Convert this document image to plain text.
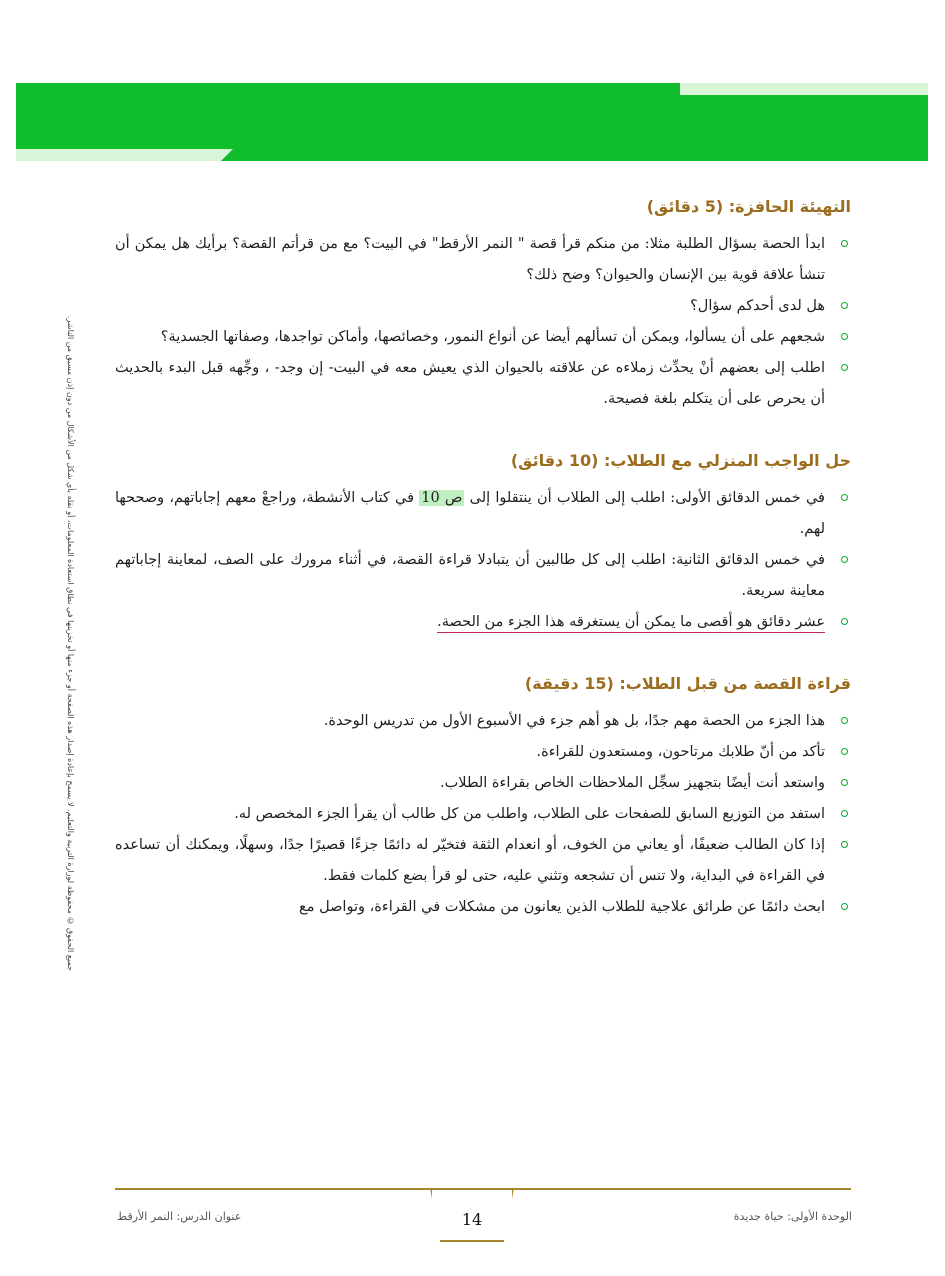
جميع الحقوق © محفوظة لوزارة التربية والتعليم. لا يسمح بإعادة إصدار هذه الصفحة أو جزء منها أو تخزينها في نطاق استعادة المعلومات، أو نقله بأي شكل من الأشكال من دون إذن مسبق من الناشر.
التهيئة الحافزة: (5 دقائق)
ابدأ الحصة بسؤال الطلبة مثلا: من منكم قرأ قصة " النمر الأرقط" في البيت؟ مع من قرأتم القصة؟ برأيك هل يمكن أن تنشأ علاقة قوية بين الإنسان والحيوان؟ وضح ذلك؟
هل لدى أحدكم سؤال؟
شجعهم على أن يسألوا، ويمكن أن تسألهم أيضا عن أنواع النمور، وخصائصها، وأماكن تواجدها، وصفاتها الجسدية؟
اطلب إلى بعضهم أنْ يحدِّث زملاءه عن علاقته بالحيوان الذي يعيش معه في البيت- إن وجد- ، وجِّهه قبل البدء بالحديث أن يحرص على أن يتكلم بلغة فصيحة.
حل الواجب المنزلي مع الطلاب: (10 دقائق)
في خمس الدقائق الأولى: اطلب إلى الطلاب أن ينتقلوا إلى ص 10 في كتاب الأنشطة، وراجعْ معهم إجاباتهم، وصححها لهم.
في خمس الدقائق الثانية: اطلب إلى كل طالبين أن يتبادلا قراءة القصة، في أثناء مرورك على الصف، لمعاينة إجاباتهم معاينة سريعة.
عشر دقائق هو أقصى ما يمكن أن يستغرقه هذا الجزء من الحصة.
قراءة القصة من قبل الطلاب: (15 دقيقة)
هذا الجزء من الحصة مهم جدًا، بل هو أهم جزء في الأسبوع الأول من تدريس الوحدة.
تأكد من أنّ طلابك مرتاحون، ومستعدون للقراءة.
واستعد أنت أيضًا بتجهيز سجِّل الملاحظات الخاص بقراءة الطلاب.
استفد من التوزيع السابق للصفحات على الطلاب، واطلب من كل طالب أن يقرأ الجزء المخصص له.
إذا كان الطالب ضعيفًا، أو يعاني من الخوف، أو انعدام الثقة فتخيّر له دائمًا جزءًا قصيرًا جدًا، وسهلًا، ويمكنك أن تساعده في القراءة في البداية، ولا تنس أن تشجعه وتثني عليه، حتى لو قرأ بضع كلمات فقط.
ابحث دائمًا عن طرائق علاجية للطلاب الذين يعانون من مشكلات في القراءة، وتواصل مع
14	الوحدة الأولى: حياة جديدة
عنوان الدرس: النمر الأرقط
